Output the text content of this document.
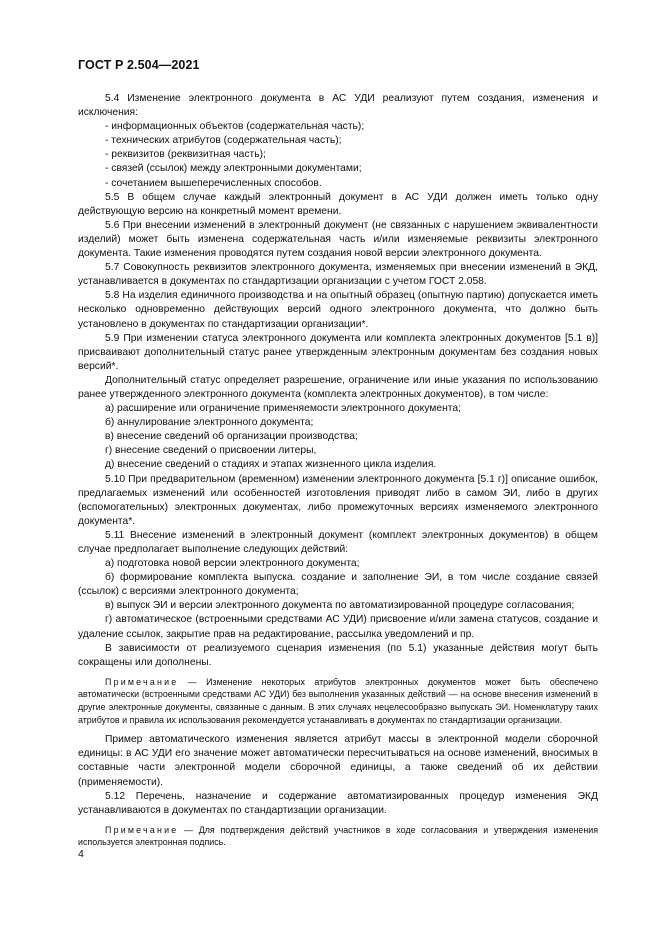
ГОСТ Р 2.504—2021

5.4 Изменение электронного документа в АС УДИ реализуют путем создания, изменения и исключения:

- информационных объектов (содержательная часть);

- технических атрибутов (содержательная часть);

- реквизитов (реквизитная часть);

- связей (ссылок) между электронными документами;

- сочетанием вышеперечисленных способов.

5.5 В общем случае каждый электронный документ в АС УДИ должен иметь только одну действующую версию на конкретный момент времени.

5.6 При внесении изменений в электронный документ (не связанных с нарушением эквивалентности изделий) может быть изменена содержательная часть и/или изменяемые реквизиты электронного документа. Такие изменения проводятся путем создания новой версии электронного документа.

5.7 Совокупность реквизитов электронного документа, изменяемых при внесении изменений в ЭКД, устанавливается в документах по стандартизации организации с учетом ГОСТ 2.058.

5.8 На изделия единичного производства и на опытный образец (опытную партию) допускается иметь несколько одновременно действующих версий одного электронного документа, что должно быть установлено в документах по стандартизации организации*.

5.9 При изменении статуса электронного документа или комплекта электронных документов [5.1 в)] присваивают дополнительный статус ранее утвержденным электронным документам без создания новых версий*.

Дополнительный статус определяет разрешение, ограничение или иные указания по использованию ранее утвержденного электронного документа (комплекта электронных документов), в том числе:

а) расширение или ограничение применяемости электронного документа;

б) аннулирование электронного документа;

в) внесение сведений об организации производства;

г) внесение сведений о присвоении литеры,

д) внесение сведений о стадиях и этапах жизненного цикла изделия.

5.10 При предварительном (временном) изменении электронного документа [5.1 г)] описание ошибок, предлагаемых изменений или особенностей изготовления приводят либо в самом ЭИ, либо в других (вспомогательных) электронных документах, либо промежуточных версиях изменяемого электронного документа*.

5.11 Внесение изменений в электронный документ (комплект электронных документов) в общем случае предполагает выполнение следующих действий:

а) подготовка новой версии электронного документа;

б) формирование комплекта выпуска. создание и заполнение ЭИ, в том числе создание связей (ссылок) с версиями электронного документа;

в) выпуск ЭИ и версии электронного документа по автоматизированной процедуре согласования;

г) автоматическое (встроенными средствами АС УДИ) присвоение и/или замена статусов, создание и удаление ссылок, закрытие прав на редактирование, рассылка уведомлений и пр.

В зависимости от реализуемого сценария изменения (по 5.1) указанные действия могут быть сокращены или дополнены.

Примечание — Изменение некоторых атрибутов электронных документов может быть обеспечено автоматически (встроенными средствами АС УДИ) без выполнения указанных действий — на основе внесения изменений в другие электронные документы, связанные с данным. В этих случаях нецелесообразно выпускать ЭИ. Номенклатуру таких атрибутов и правила их использования рекомендуется устанавливать в документах по стандартизации организации.

Пример автоматического изменения является атрибут массы в электронной модели сборочной единицы: в АС УДИ его значение может автоматически пересчитываться на основе изменений, вносимых в составные части электронной модели сборочной единицы, а также сведений об их действии (применяемости).

5.12 Перечень, назначение и содержание автоматизированных процедур изменения ЭКД устанавливаются в документах по стандартизации организации.

Примечание — Для подтверждения действий участников в ходе согласования и утверждения изменения используется электронная подпись.

4
